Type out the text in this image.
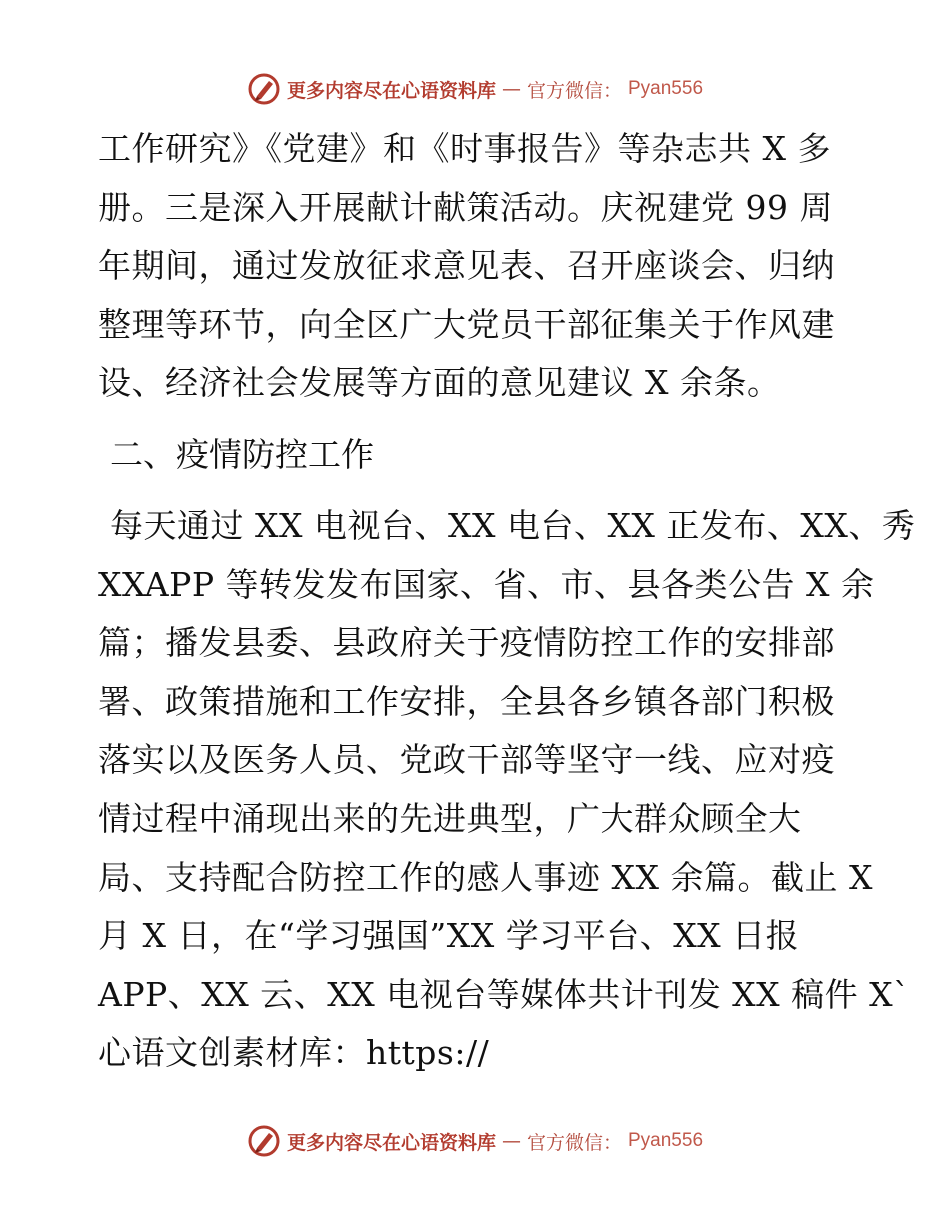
更多内容尽在心语资料库 — 官方微信： Pyan556

工作研究》《党建》和《时事报告》等杂志共 X 多
册。三是深入开展献计献策活动。庆祝建党 99 周
年期间，通过发放征求意见表、召开座谈会、归纳
整理等环节，向全区广大党员干部征集关于作风建
设、经济社会发展等方面的意见建议 X 余条。

二、疫情防控工作

每天通过 XX 电视台、XX 电台、XX 正发布、XX、秀
XXAPP 等转发发布国家、省、市、县各类公告 X 余
篇；播发县委、县政府关于疫情防控工作的安排部
署、政策措施和工作安排，全县各乡镇各部门积极
落实以及医务人员、党政干部等坚守一线、应对疫
情过程中涌现出来的先进典型，广大群众顾全大
局、支持配合防控工作的感人事迹 XX 余篇。截止 X
月 X 日，在“学习强国”XX 学习平台、XX 日报
APP、XX 云、XX 电视台等媒体共计刊发 XX 稿件 X`
心语文创素材库：https://

更多内容尽在心语资料库 — 官方微信： Pyan556
